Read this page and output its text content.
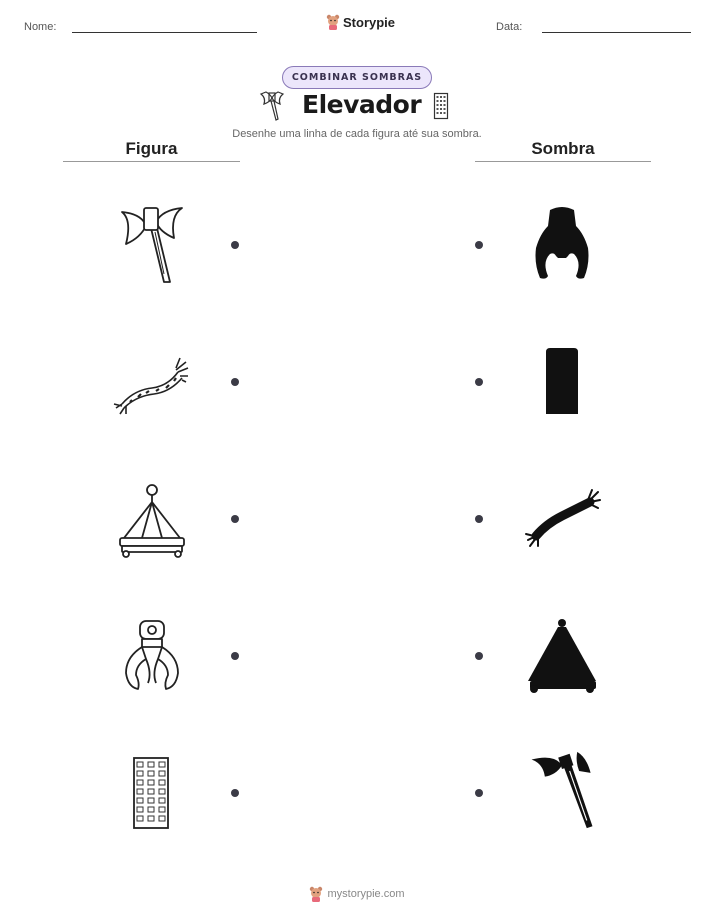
Nome:	Storypie	Data:
COMBINAR SOMBRAS
Elevador
Desenhe uma linha de cada figura até sua sombra.
Figura	Sombra
mystorypie.com
